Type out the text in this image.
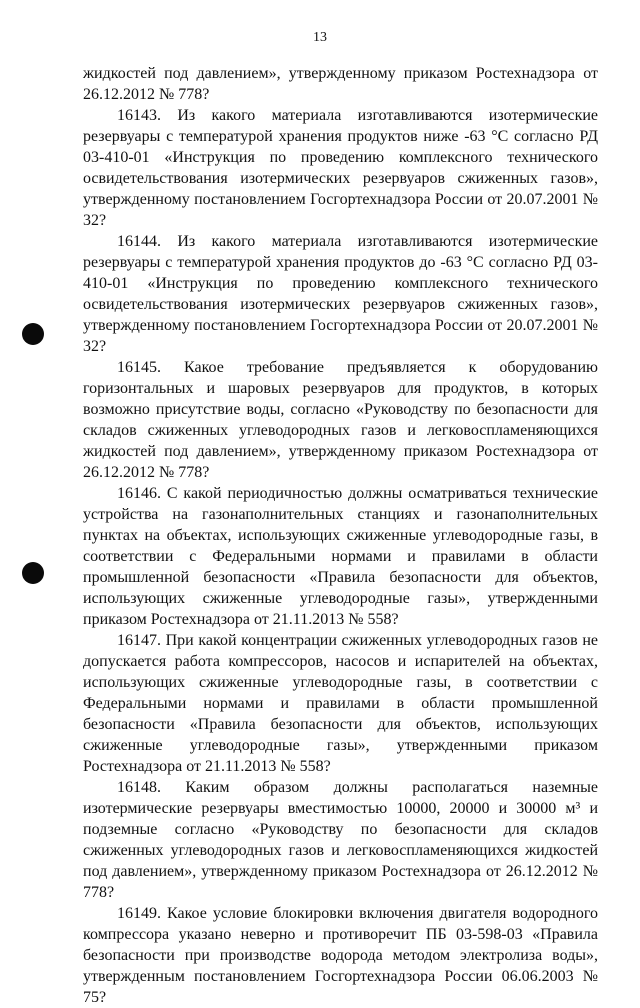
13

жидкостей под давлением», утвержденному приказом Ростехнадзора от 26.12.2012 № 778?

16143. Из какого материала изготавливаются изотермические резервуары с температурой хранения продуктов ниже -63 °C согласно РД 03-410-01 «Инструкция по проведению комплексного технического освидетельствования изотермических резервуаров сжиженных газов», утвержденному постановлением Госгортехнадзора России от 20.07.2001 № 32?

16144. Из какого материала изготавливаются изотермические резервуары с температурой хранения продуктов до -63 °C согласно РД 03-410-01 «Инструкция по проведению комплексного технического освидетельствования изотермических резервуаров сжиженных газов», утвержденному постановлением Госгортехнадзора России от 20.07.2001 № 32?

16145. Какое требование предъявляется к оборудованию горизонтальных и шаровых резервуаров для продуктов, в которых возможно присутствие воды, согласно «Руководству по безопасности для складов сжиженных углеводородных газов и легковоспламеняющихся жидкостей под давлением», утвержденному приказом Ростехнадзора от 26.12.2012 № 778?

16146. С какой периодичностью должны осматриваться технические устройства на газонаполнительных станциях и газонаполнительных пунктах на объектах, использующих сжиженные углеводородные газы, в соответствии с Федеральными нормами и правилами в области промышленной безопасности «Правила безопасности для объектов, использующих сжиженные углеводородные газы», утвержденными приказом Ростехнадзора от 21.11.2013 № 558?

16147. При какой концентрации сжиженных углеводородных газов не допускается работа компрессоров, насосов и испарителей на объектах, использующих сжиженные углеводородные газы, в соответствии с Федеральными нормами и правилами в области промышленной безопасности «Правила безопасности для объектов, использующих сжиженные углеводородные газы», утвержденными приказом Ростехнадзора от 21.11.2013 № 558?

16148. Каким образом должны располагаться наземные изотермические резервуары вместимостью 10000, 20000 и 30000 м³ и подземные согласно «Руководству по безопасности для складов сжиженных углеводородных газов и легковоспламеняющихся жидкостей под давлением», утвержденному приказом Ростехнадзора от 26.12.2012 № 778?

16149. Какое условие блокировки включения двигателя водородного компрессора указано неверно и противоречит ПБ 03-598-03 «Правила безопасности при производстве водорода методом электролиза воды», утвержденным постановлением Госгортехнадзора России 06.06.2003 № 75?
